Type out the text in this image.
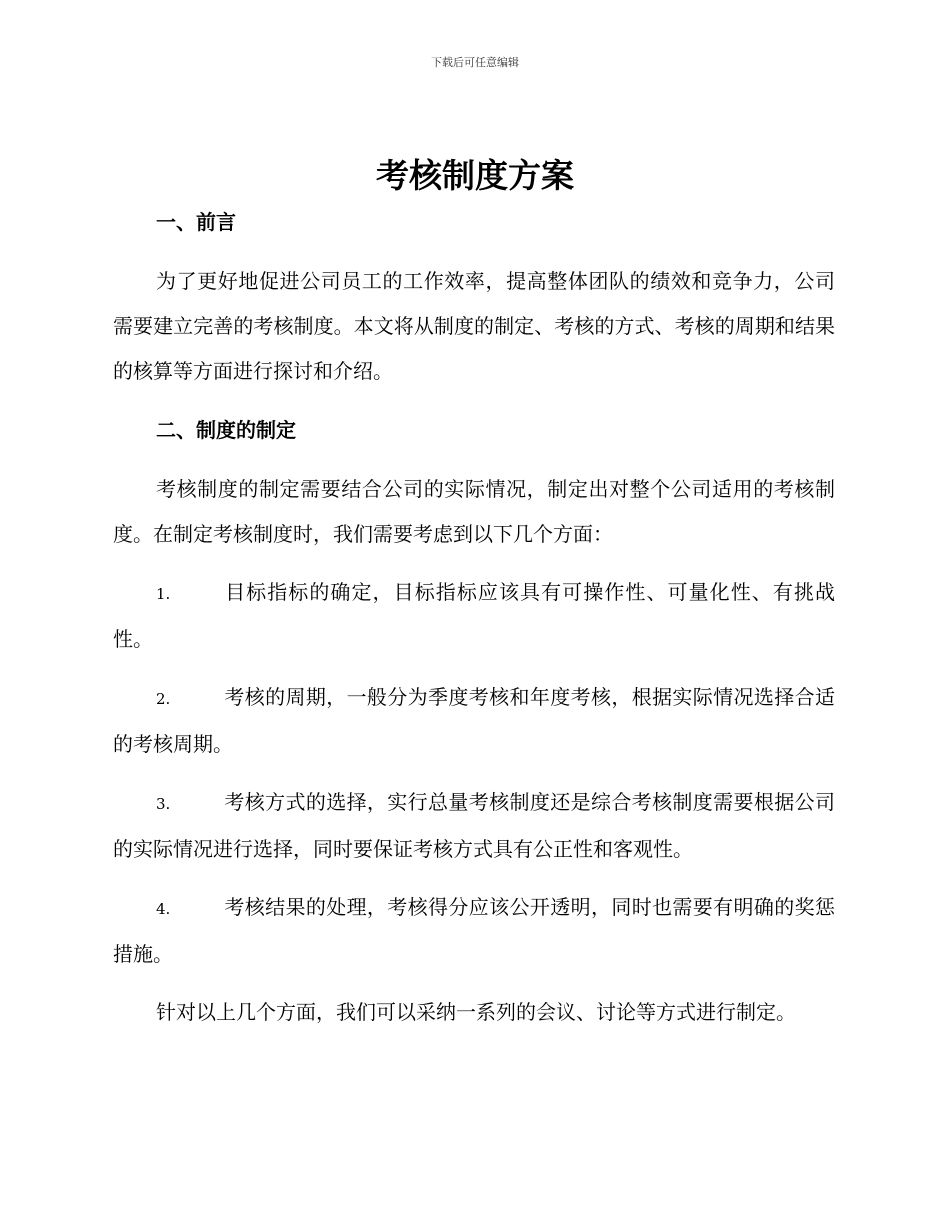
下载后可任意编辑
考核制度方案
一、前言

为了更好地促进公司员工的工作效率，提高整体团队的绩效和竞争力，公司需要建立完善的考核制度。本文将从制度的制定、考核的方式、考核的周期和结果的核算等方面进行探讨和介绍。

二、制度的制定

考核制度的制定需要结合公司的实际情况，制定出对整个公司适用的考核制度。在制定考核制度时，我们需要考虑到以下几个方面：

1.	目标指标的确定，目标指标应该具有可操作性、可量化性、有挑战性。

2.	考核的周期，一般分为季度考核和年度考核，根据实际情况选择合适的考核周期。

3.	考核方式的选择，实行总量考核制度还是综合考核制度需要根据公司的实际情况进行选择，同时要保证考核方式具有公正性和客观性。

4.	考核结果的处理，考核得分应该公开透明，同时也需要有明确的奖惩措施。

针对以上几个方面，我们可以采纳一系列的会议、讨论等方式进行制定。
